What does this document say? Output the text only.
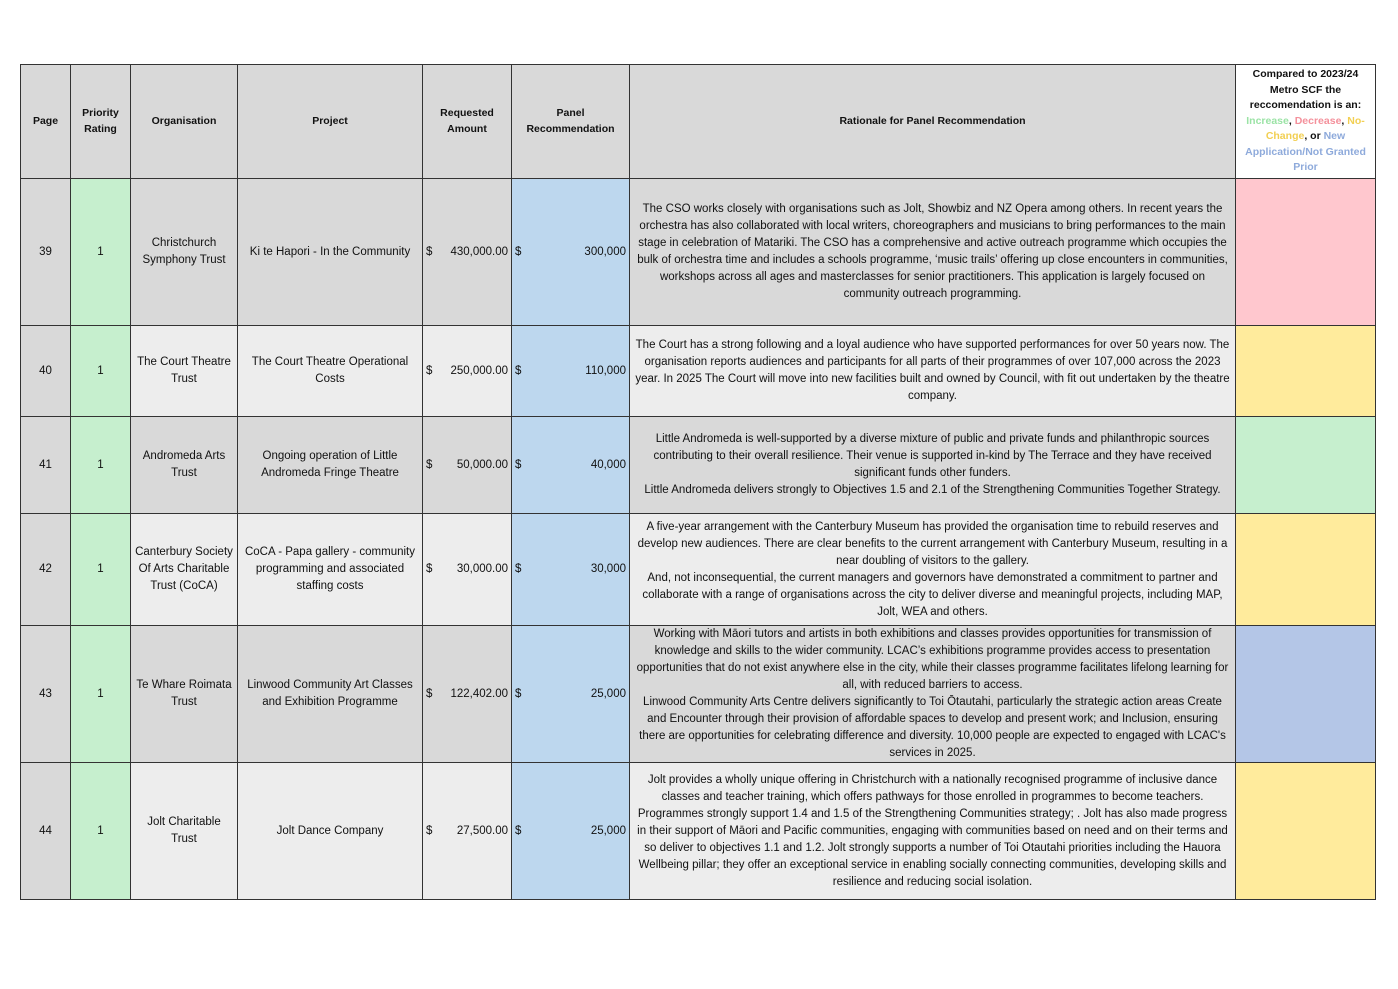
Page	Priority Rating	Organisation	Project	Requested Amount	Panel Recommendation	Rationale for Panel Recommendation	Compared to 2023/24 Metro SCF the reccomendation is an: Increase, Decrease, No-Change, or New Application/Not Granted Prior
39	1	Christchurch Symphony Trust	Ki te Hapori - In the Community	$ 430,000.00	$ 300,000	The CSO works closely with organisations such as Jolt, Showbiz and NZ Opera among others. In recent years the orchestra has also collaborated with local writers, choreographers and musicians to bring performances to the main stage in celebration of Matariki. The CSO has a comprehensive and active outreach programme which occupies the bulk of orchestra time and includes a schools programme, ‘music trails’ offering up close encounters in communities, workshops across all ages and masterclasses for senior practitioners. This application is largely focused on community outreach programming.	

40	1	The Court Theatre Trust	The Court Theatre Operational Costs	$ 250,000.00	$ 110,000	The Court has a strong following and a loyal audience who have supported performances for over 50 years now. The organisation reports audiences and participants for all parts of their programmes of over 107,000 across the 2023 year. In 2025 The Court will move into new facilities built and owned by Council, with fit out undertaken by the theatre company.	

41	1	Andromeda Arts Trust	Ongoing operation of Little Andromeda Fringe Theatre	$ 50,000.00	$ 40,000	Little Andromeda is well-supported by a diverse mixture of public and private funds and philanthropic sources contributing to their overall resilience. Their venue is supported in-kind by The Terrace and they have received significant funds other funders.
Little Andromeda delivers strongly to Objectives 1.5 and 2.1 of the Strengthening Communities Together Strategy.	

42	1	Canterbury Society Of Arts Charitable Trust (CoCA)	CoCA - Papa gallery - community programming and associated staffing costs	$ 30,000.00	$ 30,000	A five-year arrangement with the Canterbury Museum has provided the organisation time to rebuild reserves and develop new audiences. There are clear benefits to the current arrangement with Canterbury Museum, resulting in a near doubling of visitors to the gallery.
And, not inconsequential, the current managers and governors have demonstrated a commitment to partner and collaborate with a range of organisations across the city to deliver diverse and meaningful projects, including MAP, Jolt, WEA and others.	

43	1	Te Whare Roimata Trust	Linwood Community Art Classes and Exhibition Programme	$ 122,402.00	$ 25,000	Working with Māori tutors and artists in both exhibitions and classes provides opportunities for transmission of knowledge and skills to the wider community. LCAC’s exhibitions programme provides access to presentation opportunities that do not exist anywhere else in the city, while their classes programme facilitates lifelong learning for all, with reduced barriers to access.
Linwood Community Arts Centre delivers significantly to Toi Ōtautahi, particularly the strategic action areas Create and Encounter through their provision of affordable spaces to develop and present work; and Inclusion, ensuring there are opportunities for celebrating difference and diversity. 10,000 people are expected to engaged with LCAC's services in 2025.	

44	1	Jolt Charitable Trust	Jolt Dance Company	$ 27,500.00	$ 25,000	Jolt provides a wholly unique offering in Christchurch with a nationally recognised programme of inclusive dance classes and teacher training, which offers pathways for those enrolled in programmes to become teachers. Programmes strongly support 1.4 and 1.5 of the Strengthening Communities strategy; . Jolt has also made progress in their support of Māori and Pacific communities, engaging with communities based on need and on their terms and so deliver to objectives 1.1 and 1.2. Jolt strongly supports a number of Toi Otautahi priorities including the Hauora Wellbeing pillar; they offer an exceptional service in enabling socially connecting communities, developing skills and resilience and reducing social isolation.	
